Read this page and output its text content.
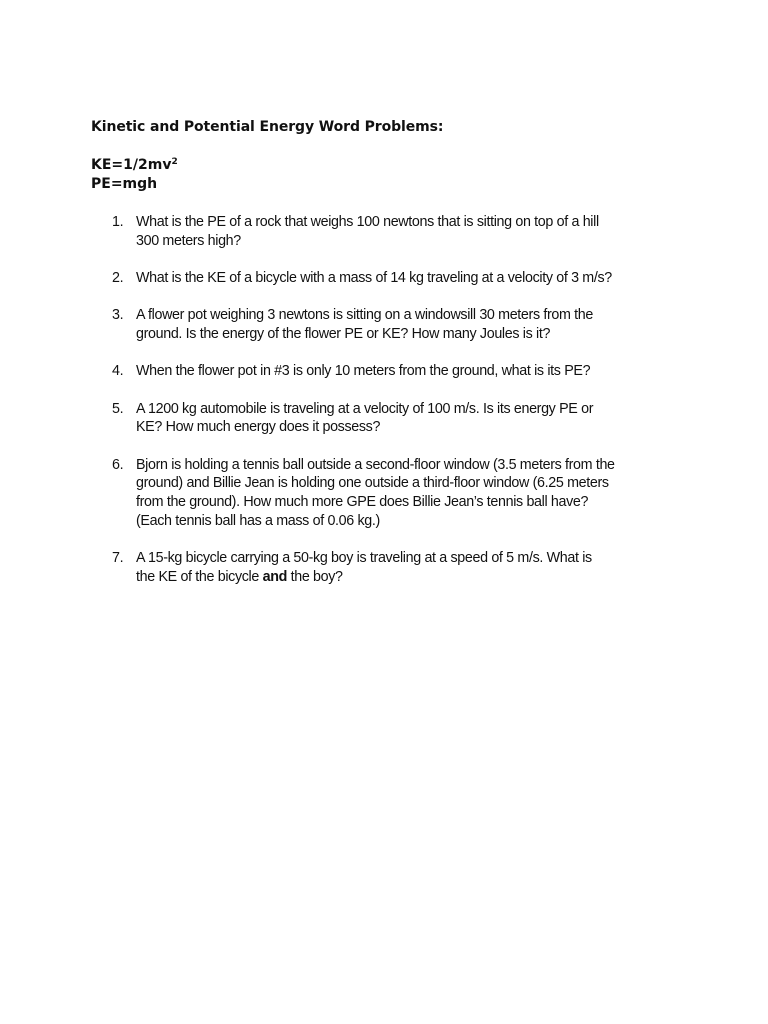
Kinetic and Potential Energy Word Problems:
$KE=1/2mv^2$
PE=mgh
1. What is the PE of a rock that weighs 100 newtons that is sitting on top of a hill
300 meters high?
2. What is the KE of a bicycle with a mass of 14 kg traveling at a velocity of 3 m/s?
3. A flower pot weighing 3 newtons is sitting on a windowsill 30 meters from the
ground. Is the energy of the flower PE or KE? How many Joules is it?
4. When the flower pot in #3 is only 10 meters from the ground, what is its PE?
5. A 1200 kg automobile is traveling at a velocity of 100 m/s. Is its energy PE or
KE? How much energy does it possess?
6. Bjorn is holding a tennis ball outside a second-floor window (3.5 meters from the
ground) and Billie Jean is holding one outside a third-floor window (6.25 meters
from the ground). How much more GPE does Billie Jean’s tennis ball have?
(Each tennis ball has a mass of 0.06 kg.)
7. A 15-kg bicycle carrying a 50-kg boy is traveling at a speed of 5 m/s. What is
the KE of the bicycle and the boy?
